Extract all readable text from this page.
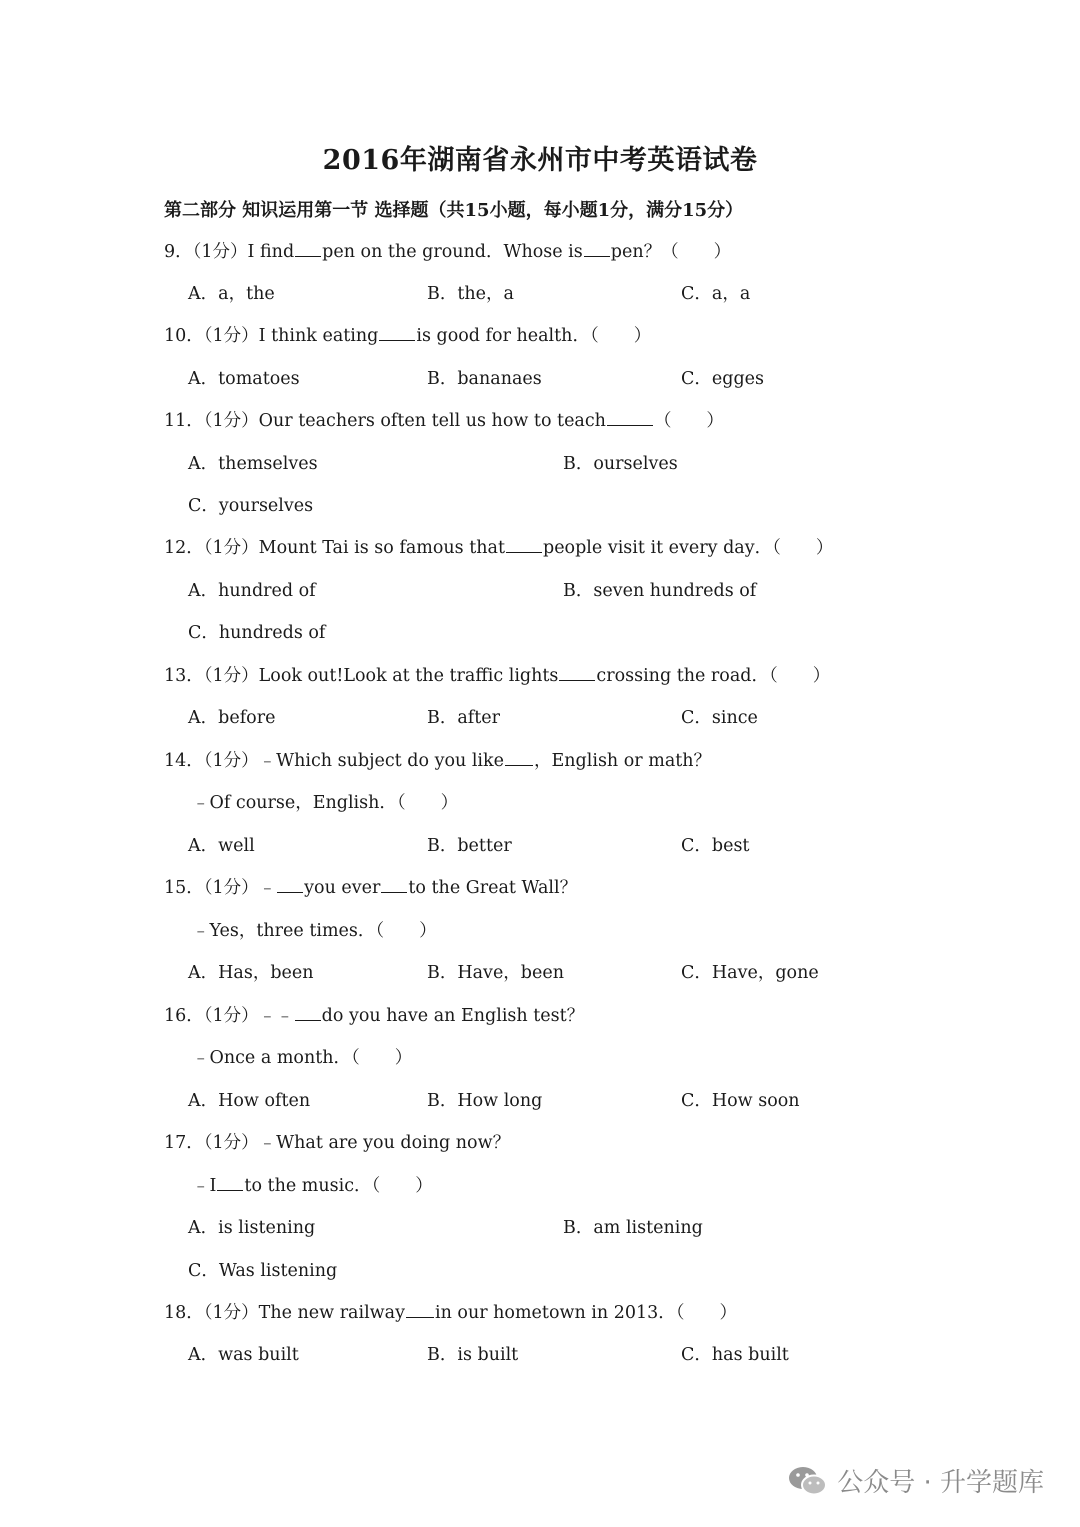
2016年湖南省永州市中考英语试卷
第二部分 知识运用第一节 选择题（共15小题，每小题1分，满分15分）
9．（1分）I find pen on the ground．Whose is pen？（　　）
A．a，the	B．the，a	C．a，a
10．（1分）I think eating is good for health．（　　）
A．tomatoes	B．bananaes	C．egges
11．（1分）Our teachers often tell us how to teach	（　　）
A．themselves	B．ourselves
C．yourselves
12．（1分）Mount Tai is so famous that people visit it every day．（　　）
A．hundred of	B．seven hundreds of
C．hundreds of
13．（1分）Look out!Look at the traffic lights crossing the road．（　　）
A．before	B．after	C．since
14．（1分）﹣Which subject do you like ，English or math？
﹣Of course，English．（　　）
A．well	B．better	C．best
15．（1分）﹣ you ever to the Great Wall？
﹣Yes，three times．（　　）
A．Has，been	B．Have，been	C．Have，gone
16．（1分）﹣﹣ do you have an English test？
﹣Once a month．（　　）
A．How often	B．How long	C．How soon
17．（1分）﹣What are you doing now？
﹣I to the music．（　　）
A．is listening	B．am listening
C．Was listening
18．（1分）The new railway in our hometown in 2013．（　　）
A．was built	B．is built	C．has built
公众号 · 升学题库
